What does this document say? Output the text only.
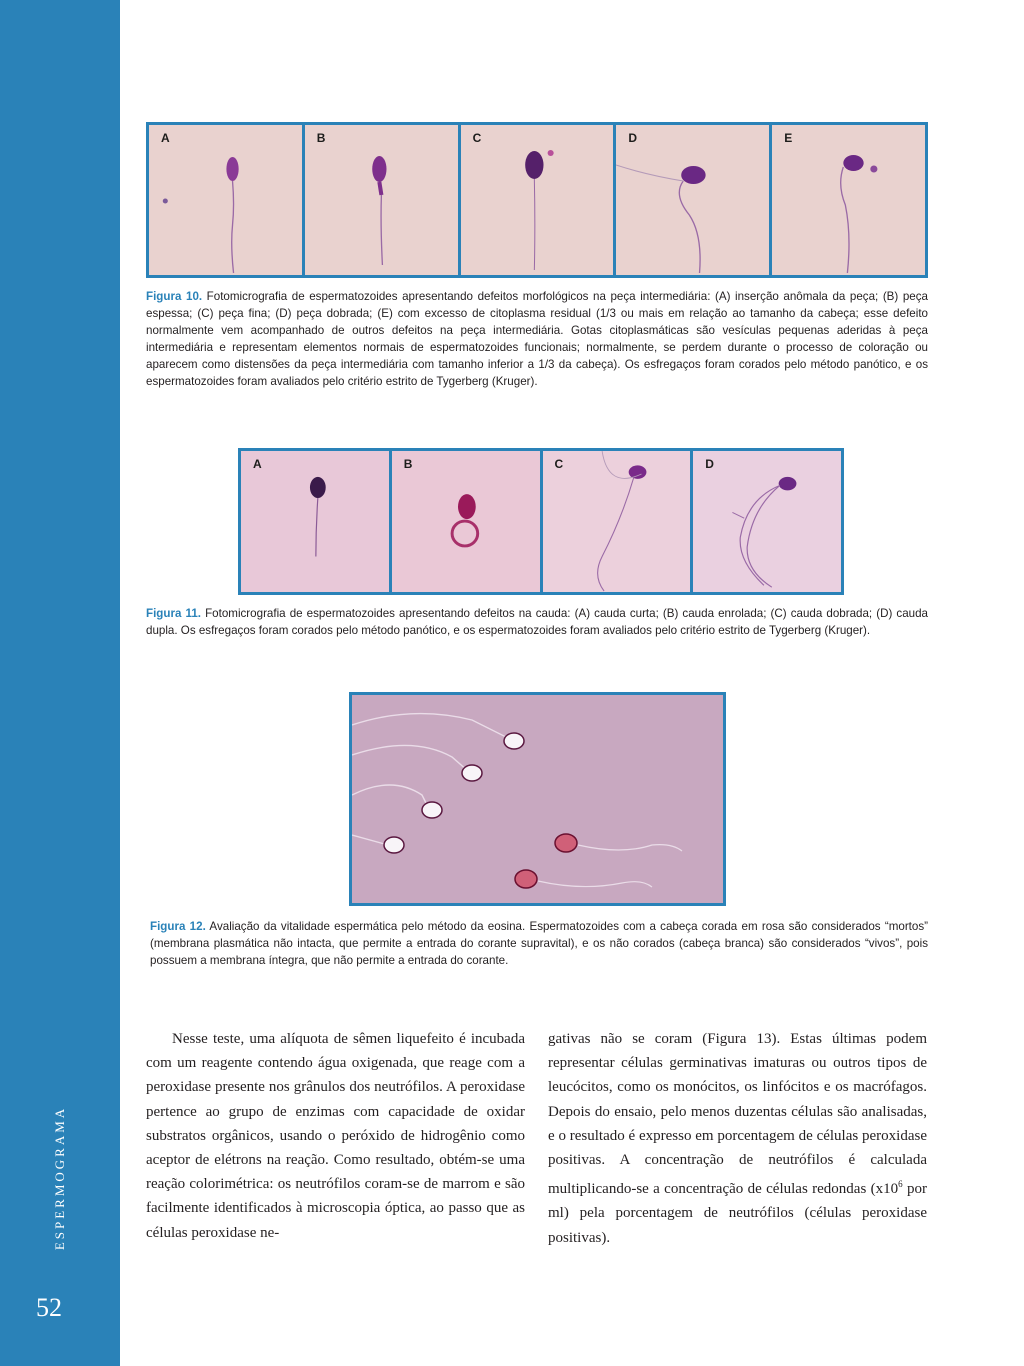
ESPERMOGRAMA
52
A	B	C	D	E
Figura 10. Fotomicrografia de espermatozoides apresentando defeitos morfológicos na peça intermediária: (A) inserção anômala da peça; (B) peça espessa; (C) peça fina; (D) peça dobrada; (E) com excesso de citoplasma residual (1/3 ou mais em relação ao tamanho da cabeça; esse defeito normalmente vem acompanhado de outros defeitos na peça intermediária. Gotas citoplasmáticas são vesículas pequenas aderidas à peça intermediária e representam elementos normais de espermatozoides funcionais; normalmente, se perdem durante o processo de coloração ou aparecem como distensões da peça intermediária com tamanho inferior a 1/3 da cabeça). Os esfregaços foram corados pelo método panótico, e os espermatozoides foram avaliados pelo critério estrito de Tygerberg (Kruger).
A	B	C	D
Figura 11. Fotomicrografia de espermatozoides apresentando defeitos na cauda: (A) cauda curta; (B) cauda enrolada; (C) cauda dobrada; (D) cauda dupla. Os esfregaços foram corados pelo método panótico, e os espermatozoides foram avaliados pelo critério estrito de Tygerberg (Kruger).
Figura 12. Avaliação da vitalidade espermática pelo método da eosina. Espermatozoides com a cabeça corada em rosa são considerados “mortos” (membrana plasmática não intacta, que permite a entrada do corante supravital), e os não corados (cabeça branca) são considerados “vivos”, pois possuem a membrana íntegra, que não permite a entrada do corante.

Nesse teste, uma alíquota de sêmen liquefeito é incubada com um reagente contendo água oxigenada, que reage com a peroxidase presente nos grânulos dos neutrófilos. A peroxidase pertence ao grupo de enzimas com capacidade de oxidar substratos orgânicos, usando o peróxido de hidrogênio como aceptor de elétrons na reação. Como resultado, obtém-se uma reação colorimétrica: os neutrófilos coram-se de marrom e são facilmente identificados à microscopia óptica, ao passo que as células peroxidase ne-

gativas não se coram (Figura 13). Estas últimas podem representar células germinativas imaturas ou outros tipos de leucócitos, como os monócitos, os linfócitos e os macrófagos. Depois do ensaio, pelo menos duzentas células são analisadas, e o resultado é expresso em porcentagem de células peroxidase positivas. A concentração de neutrófilos é calculada multiplicando-se a concentração de células redondas ($x10^6$ por ml) pela porcentagem de neutrófilos (células peroxidase positivas).
